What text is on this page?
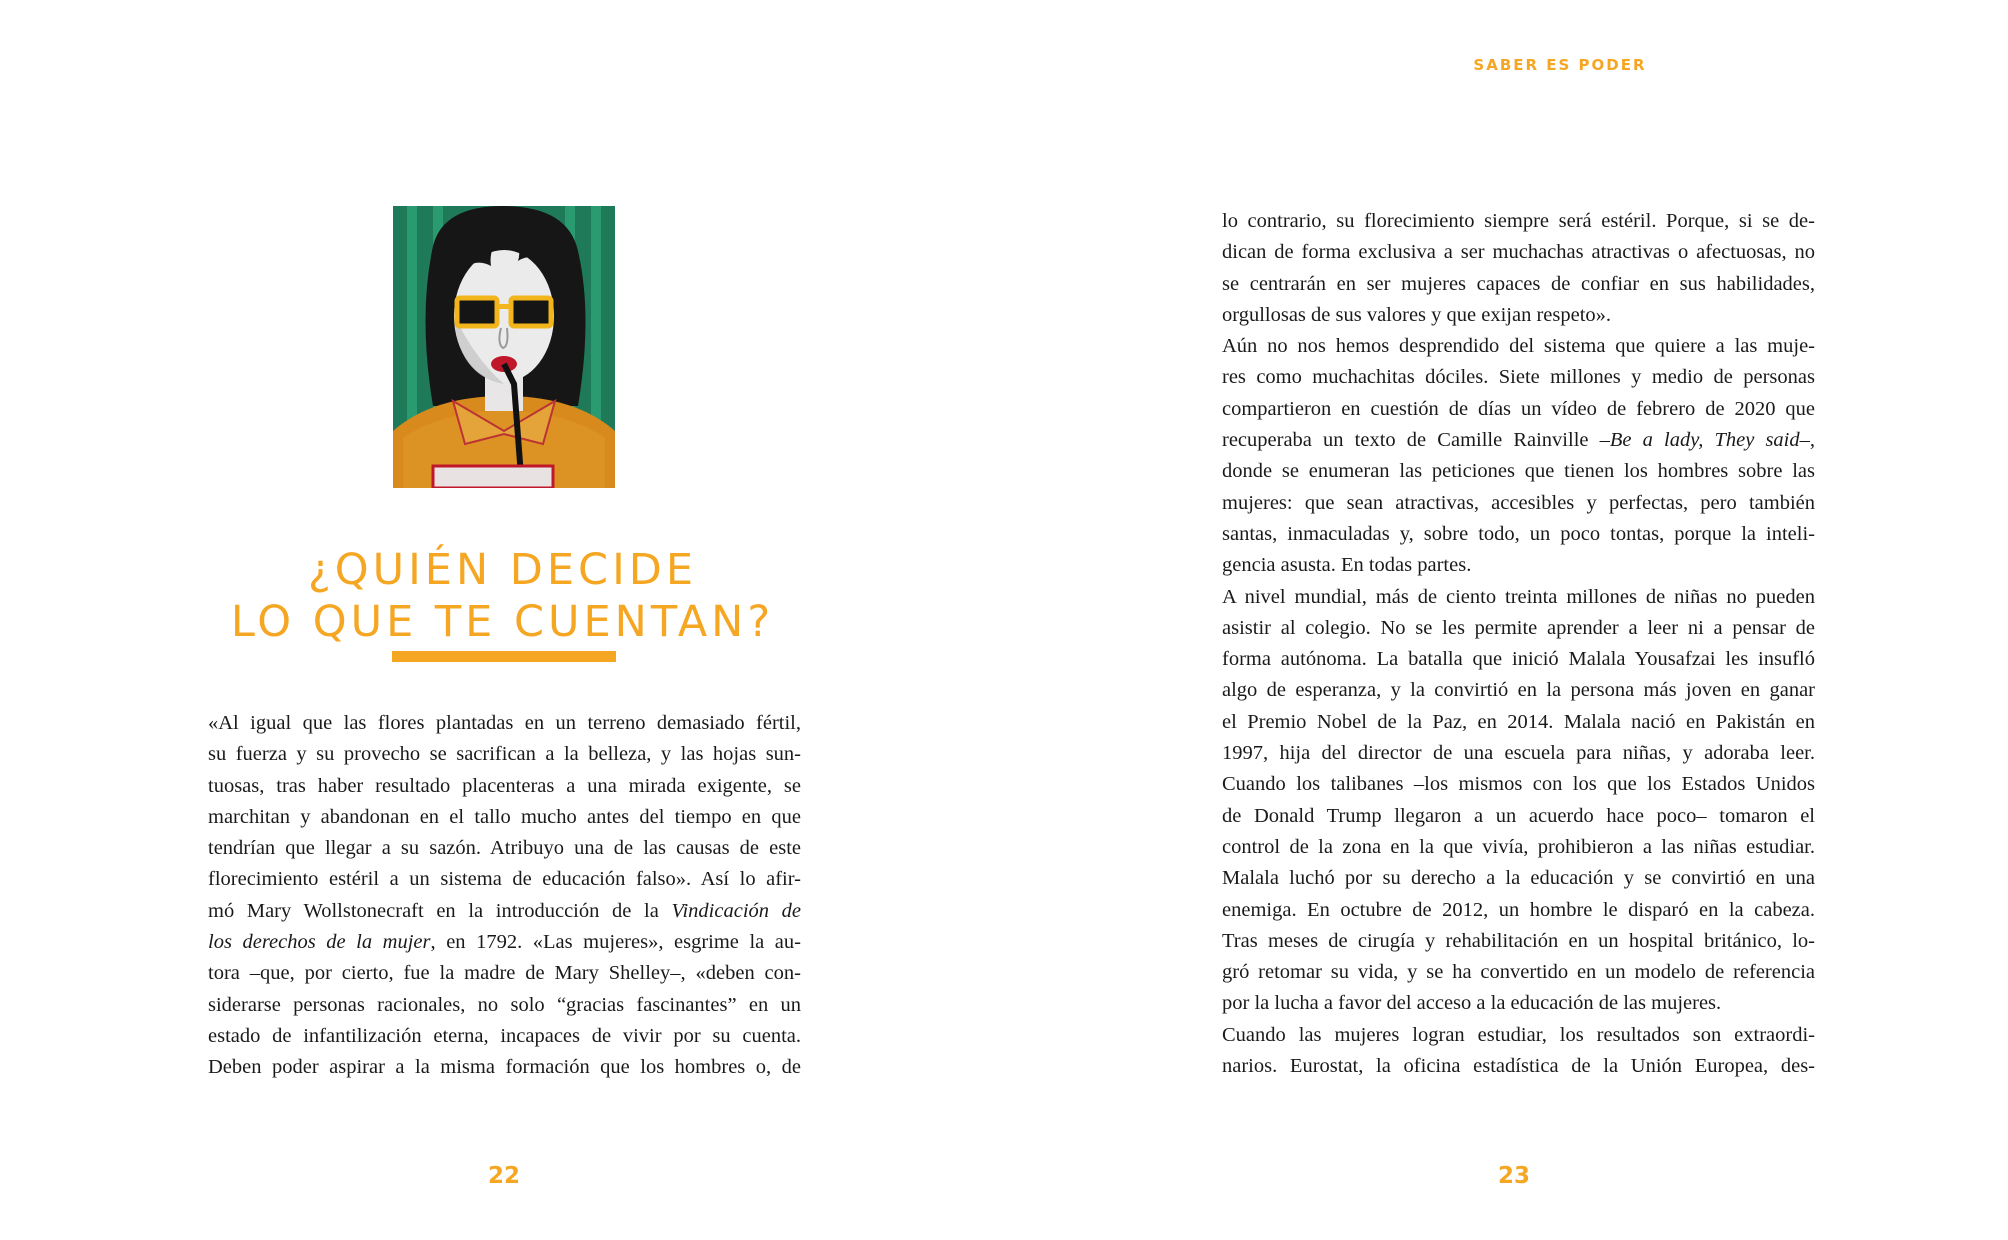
¿QUIÉN DECIDE
LO QUE TE CUENTAN?
«Al igual que las flores plantadas en un terreno demasiado fértil,
su fuerza y su provecho se sacrifican a la belleza, y las hojas sun-
tuosas, tras haber resultado placenteras a una mirada exigente, se
marchitan y abandonan en el tallo mucho antes del tiempo en que
tendrían que llegar a su sazón. Atribuyo una de las causas de este
florecimiento estéril a un sistema de educación falso». Así lo afir-
mó Mary Wollstonecraft en la introducción de la Vindicación de
los derechos de la mujer, en 1792. «Las mujeres», esgrime la au-
tora –que, por cierto, fue la madre de Mary Shelley–, «deben con-
siderarse personas racionales, no solo “gracias fascinantes” en un
estado de infantilización eterna, incapaces de vivir por su cuenta.
Deben poder aspirar a la misma formación que los hombres o, de
22
SABER ES PODER
lo contrario, su florecimiento siempre será estéril. Porque, si se de-
dican de forma exclusiva a ser muchachas atractivas o afectuosas, no
se centrarán en ser mujeres capaces de confiar en sus habilidades,
orgullosas de sus valores y que exijan respeto».
Aún no nos hemos desprendido del sistema que quiere a las muje-
res como muchachitas dóciles. Siete millones y medio de personas
compartieron en cuestión de días un vídeo de febrero de 2020 que
recuperaba un texto de Camille Rainville –Be a lady, They said–,
donde se enumeran las peticiones que tienen los hombres sobre las
mujeres: que sean atractivas, accesibles y perfectas, pero también
santas, inmaculadas y, sobre todo, un poco tontas, porque la inteli-
gencia asusta. En todas partes.
A nivel mundial, más de ciento treinta millones de niñas no pueden
asistir al colegio. No se les permite aprender a leer ni a pensar de
forma autónoma. La batalla que inició Malala Yousafzai les insufló
algo de esperanza, y la convirtió en la persona más joven en ganar
el Premio Nobel de la Paz, en 2014. Malala nació en Pakistán en
1997, hija del director de una escuela para niñas, y adoraba leer.
Cuando los talibanes –los mismos con los que los Estados Unidos
de Donald Trump llegaron a un acuerdo hace poco– tomaron el
control de la zona en la que vivía, prohibieron a las niñas estudiar.
Malala luchó por su derecho a la educación y se convirtió en una
enemiga. En octubre de 2012, un hombre le disparó en la cabeza.
Tras meses de cirugía y rehabilitación en un hospital británico, lo-
gró retomar su vida, y se ha convertido en un modelo de referencia
por la lucha a favor del acceso a la educación de las mujeres.
Cuando las mujeres logran estudiar, los resultados son extraordi-
narios. Eurostat, la oficina estadística de la Unión Europea, des-
23
